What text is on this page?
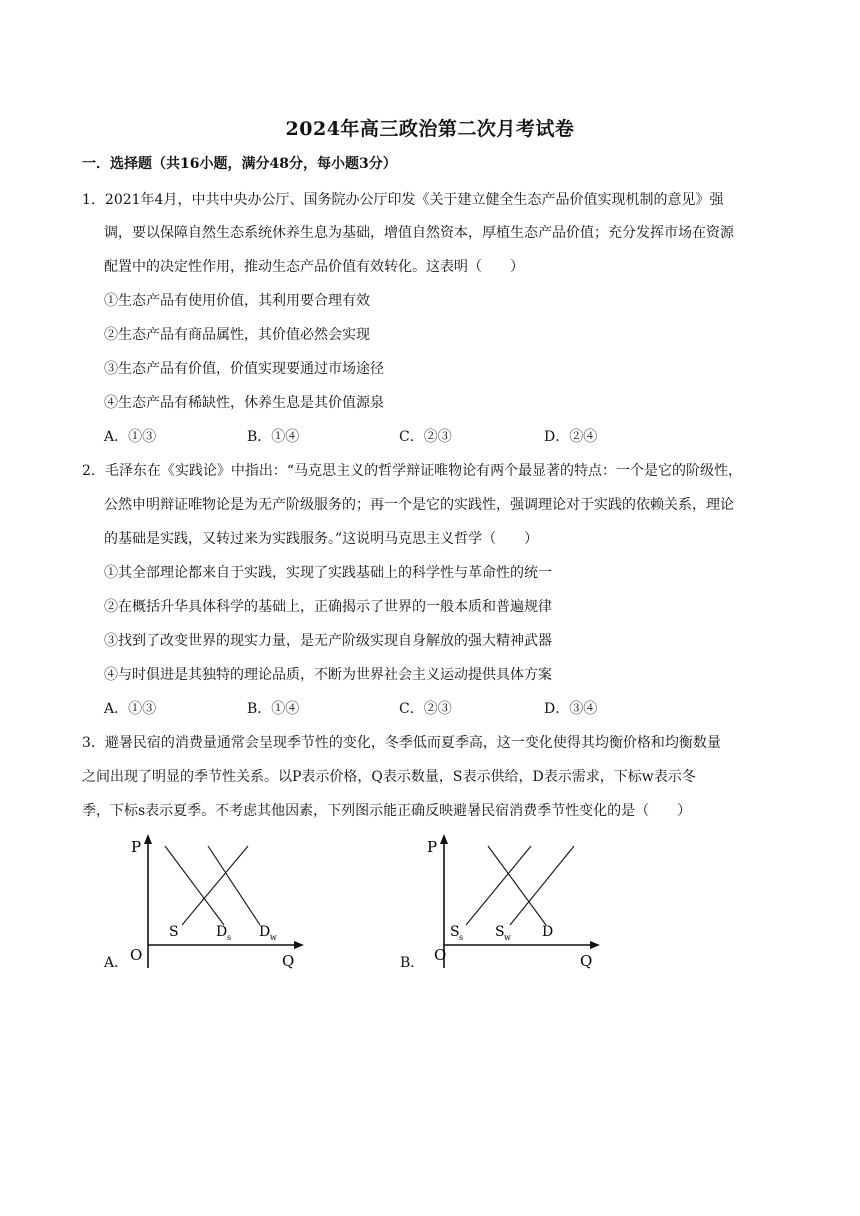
2024年高三政治第二次月考试卷
一．选择题（共16小题，满分48分，每小题3分）
1．2021年4月，中共中央办公厅、国务院办公厅印发《关于建立健全生态产品价值实现机制的意见》强
调，要以保障自然生态系统休养生息为基础，增值自然资本，厚植生态产品价值；充分发挥市场在资源
配置中的决定性作用，推动生态产品价值有效转化。这表明（　　）
①生态产品有使用价值，其利用要合理有效
②生态产品有商品属性，其价值必然会实现
③生态产品有价值，价值实现要通过市场途径
④生态产品有稀缺性，休养生息是其价值源泉
A．①③	B．①④	C．②③	D．②④
2．毛泽东在《实践论》中指出：“马克思主义的哲学辩证唯物论有两个最显著的特点：一个是它的阶级性，
公然申明辩证唯物论是为无产阶级服务的；再一个是它的实践性，强调理论对于实践的依赖关系，理论
的基础是实践，又转过来为实践服务。”这说明马克思主义哲学（　　）
①其全部理论都来自于实践，实现了实践基础上的科学性与革命性的统一
②在概括升华具体科学的基础上，正确揭示了世界的一般本质和普遍规律
③找到了改变世界的现实力量，是无产阶级实现自身解放的强大精神武器
④与时俱进是其独特的理论品质，不断为世界社会主义运动提供具体方案
A．①③	B．①④	C．②③	D．③④
3．避暑民宿的消费量通常会呈现季节性的变化，冬季低而夏季高，这一变化使得其均衡价格和均衡数量
之间出现了明显的季节性关系。以P表示价格，Q表示数量，S表示供给，D表示需求，下标w表示冬
季，下标s表示夏季。不考虑其他因素，下列图示能正确反映避暑民宿消费季节性变化的是（　　）
A．
P
O	Q
S	D s D w
B．
P
O	Q
S s S w D
